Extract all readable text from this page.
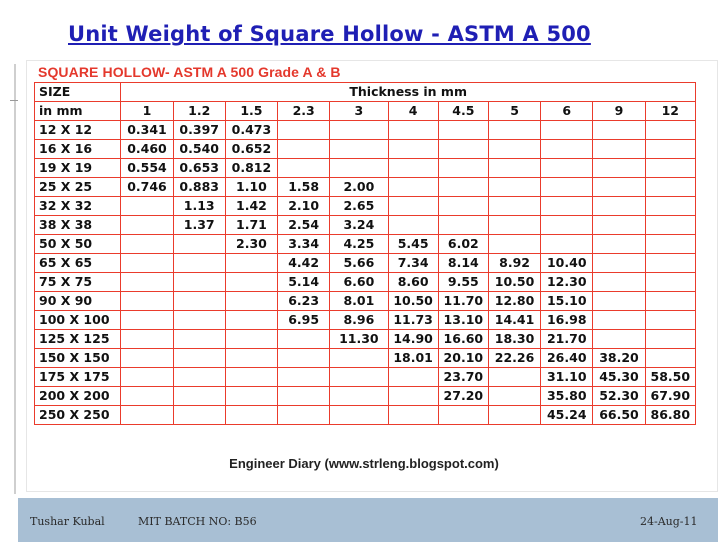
Unit Weight of Square Hollow - ASTM A 500
SQUARE HOLLOW- ASTM A 500 Grade A & B
SIZE	Thickness in mm										
in mm	1	1.2	1.5	2.3	3	4	4.5	5	6	9	12
12 X 12	0.341	0.397	0.473								
16 X 16	0.460	0.540	0.652								
19 X 19	0.554	0.653	0.812								
25 X 25	0.746	0.883	1.10	1.58	2.00						
32 X 32		1.13	1.42	2.10	2.65						
38 X 38		1.37	1.71	2.54	3.24						
50 X 50			2.30	3.34	4.25	5.45	6.02				
65 X 65				4.42	5.66	7.34	8.14	8.92	10.40		
75 X 75				5.14	6.60	8.60	9.55	10.50	12.30		
90 X 90				6.23	8.01	10.50	11.70	12.80	15.10		
100 X 100				6.95	8.96	11.73	13.10	14.41	16.98		
125 X 125					11.30	14.90	16.60	18.30	21.70		
150 X 150						18.01	20.10	22.26	26.40	38.20	
175 X 175							23.70		31.10	45.30	58.50
200 X 200							27.20		35.80	52.30	67.90
250 X 250									45.24	66.50	86.80
Engineer Diary (www.strleng.blogspot.com)
Tushar Kubal	MIT BATCH NO: B56	24-Aug-11
